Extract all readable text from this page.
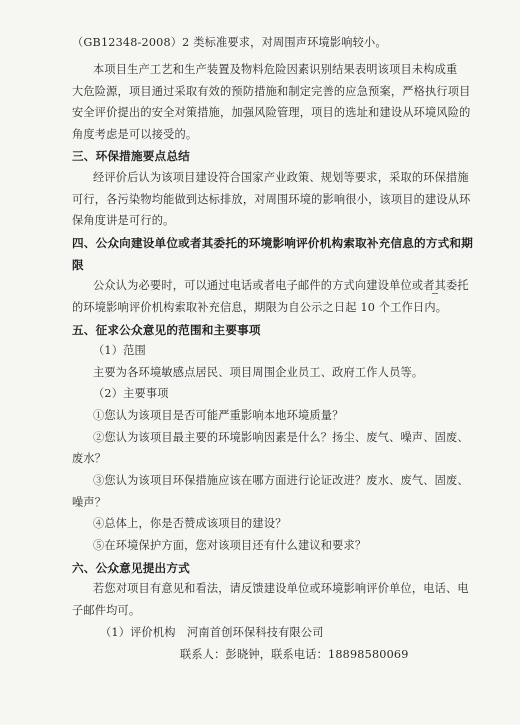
（GB12348-2008）2 类标准要求，对周围声环境影响较小。
本项目生产工艺和生产装置及物料危险因素识别结果表明该项目未构成重
大危险源，项目通过采取有效的预防措施和制定完善的应急预案，严格执行项目
安全评价提出的安全对策措施，加强风险管理，项目的选址和建设从环境风险的
角度考虑是可以接受的。
三、环保措施要点总结
经评价后认为该项目建设符合国家产业政策、规划等要求，采取的环保措施
可行，各污染物均能做到达标排放，对周围环境的影响很小，该项目的建设从环
保角度讲是可行的。
四、公众向建设单位或者其委托的环境影响评价机构索取补充信息的方式和期
限
公众认为必要时，可以通过电话或者电子邮件的方式向建设单位或者其委托
的环境影响评价机构索取补充信息，期限为自公示之日起 10 个工作日内。
五、征求公众意见的范围和主要事项
（1）范围
主要为各环境敏感点居民、项目周围企业员工、政府工作人员等。
（2）主要事项
①您认为该项目是否可能严重影响本地环境质量？
②您认为该项目最主要的环境影响因素是什么？扬尘、废气、噪声、固废、
废水？
③您认为该项目环保措施应该在哪方面进行论证改进？废水、废气、固废、
噪声？
④总体上，你是否赞成该项目的建设？
⑤在环境保护方面，您对该项目还有什么建议和要求？
六、公众意见提出方式
若您对项目有意见和看法，请反馈建设单位或环境影响评价单位，电话、电
子邮件均可。
（1）评价机构　河南首创环保科技有限公司
联系人：彭晓钟，联系电话：18898580069
